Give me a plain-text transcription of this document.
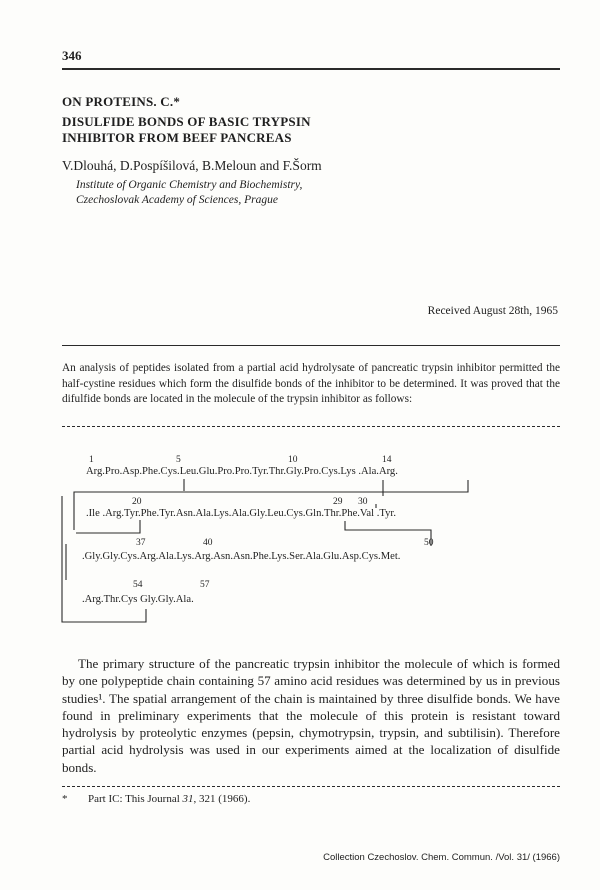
346
ON PROTEINS. C.*
DISULFIDE BONDS OF BASIC TRYPSIN
INHIBITOR FROM BEEF PANCREAS
V.Dlouhá, D.Pospíšilová, B.Meloun and F.Šorm
Institute of Organic Chemistry and Biochemistry,
Czechoslovak Academy of Sciences, Prague
Received August 28th, 1965
An analysis of peptides isolated from a partial acid hydrolysate of pancreatic trypsin inhibitor permitted the half-cystine residues which form the disulfide bonds of the inhibitor to be determined. It was proved that the difulfide bonds are located in the molecule of the trypsin inhibitor as follows:
1	5	10	14
Arg.Pro.Asp.Phe.Cys.Leu.Glu.Pro.Pro.Tyr.Thr.Gly.Pro.Cys.Lys .Ala.Arg.
20	29 30
.Ile .Arg.Tyr.Phe.Tyr.Asn.Ala.Lys.Ala.Gly.Leu.Cys.Gln.Thr.Phe.Val .Tyr.
37	40	50
.Gly.Gly.Cys.Arg.Ala.Lys.Arg.Asn.Asn.Phe.Lys.Ser.Ala.Glu.Asp.Cys.Met.
54	57
.Arg.Thr.Cys Gly.Gly.Ala.
The primary structure of the pancreatic trypsin inhibitor the molecule of which is formed by one polypeptide chain containing 57 amino acid residues was determined by us in previous studies¹. The spatial arrangement of the chain is maintained by three disulfide bonds. We have found in preliminary experiments that the molecule of this protein is resistant toward hydrolysis by proteolytic enzymes (pepsin, chymotrypsin, trypsin, and subtilisin). Therefore partial acid hydrolysis was used in our experiments aimed at the localization of disulfide bonds.
* Part IC: This Journal 31, 321 (1966).
Collection Czechoslov. Chem. Commun. /Vol. 31/ (1966)
